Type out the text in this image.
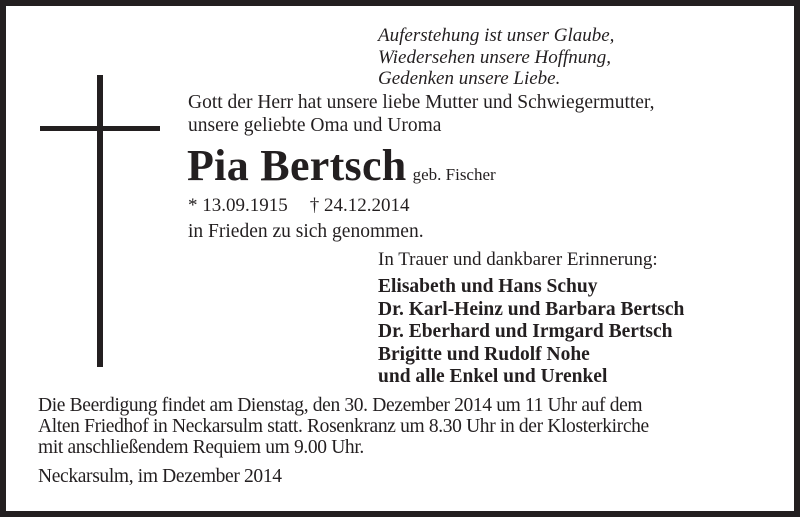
Auferstehung ist unser Glaube,
Wiedersehen unsere Hoffnung,
Gedenken unsere Liebe.
Gott der Herr hat unsere liebe Mutter und Schwiegermutter,
unsere geliebte Oma und Uroma
Pia Bertsch geb. Fischer
* 13.09.1915 † 24.12.2014
in Frieden zu sich genommen.
In Trauer und dankbarer Erinnerung:
Elisabeth und Hans Schuy
Dr. Karl-Heinz und Barbara Bertsch
Dr. Eberhard und Irmgard Bertsch
Brigitte und Rudolf Nohe
und alle Enkel und Urenkel
Die Beerdigung findet am Dienstag, den 30. Dezember 2014 um 11 Uhr auf dem
Alten Friedhof in Neckarsulm statt. Rosenkranz um 8.30 Uhr in der Klosterkirche
mit anschließendem Requiem um 9.00 Uhr.
Neckarsulm, im Dezember 2014
